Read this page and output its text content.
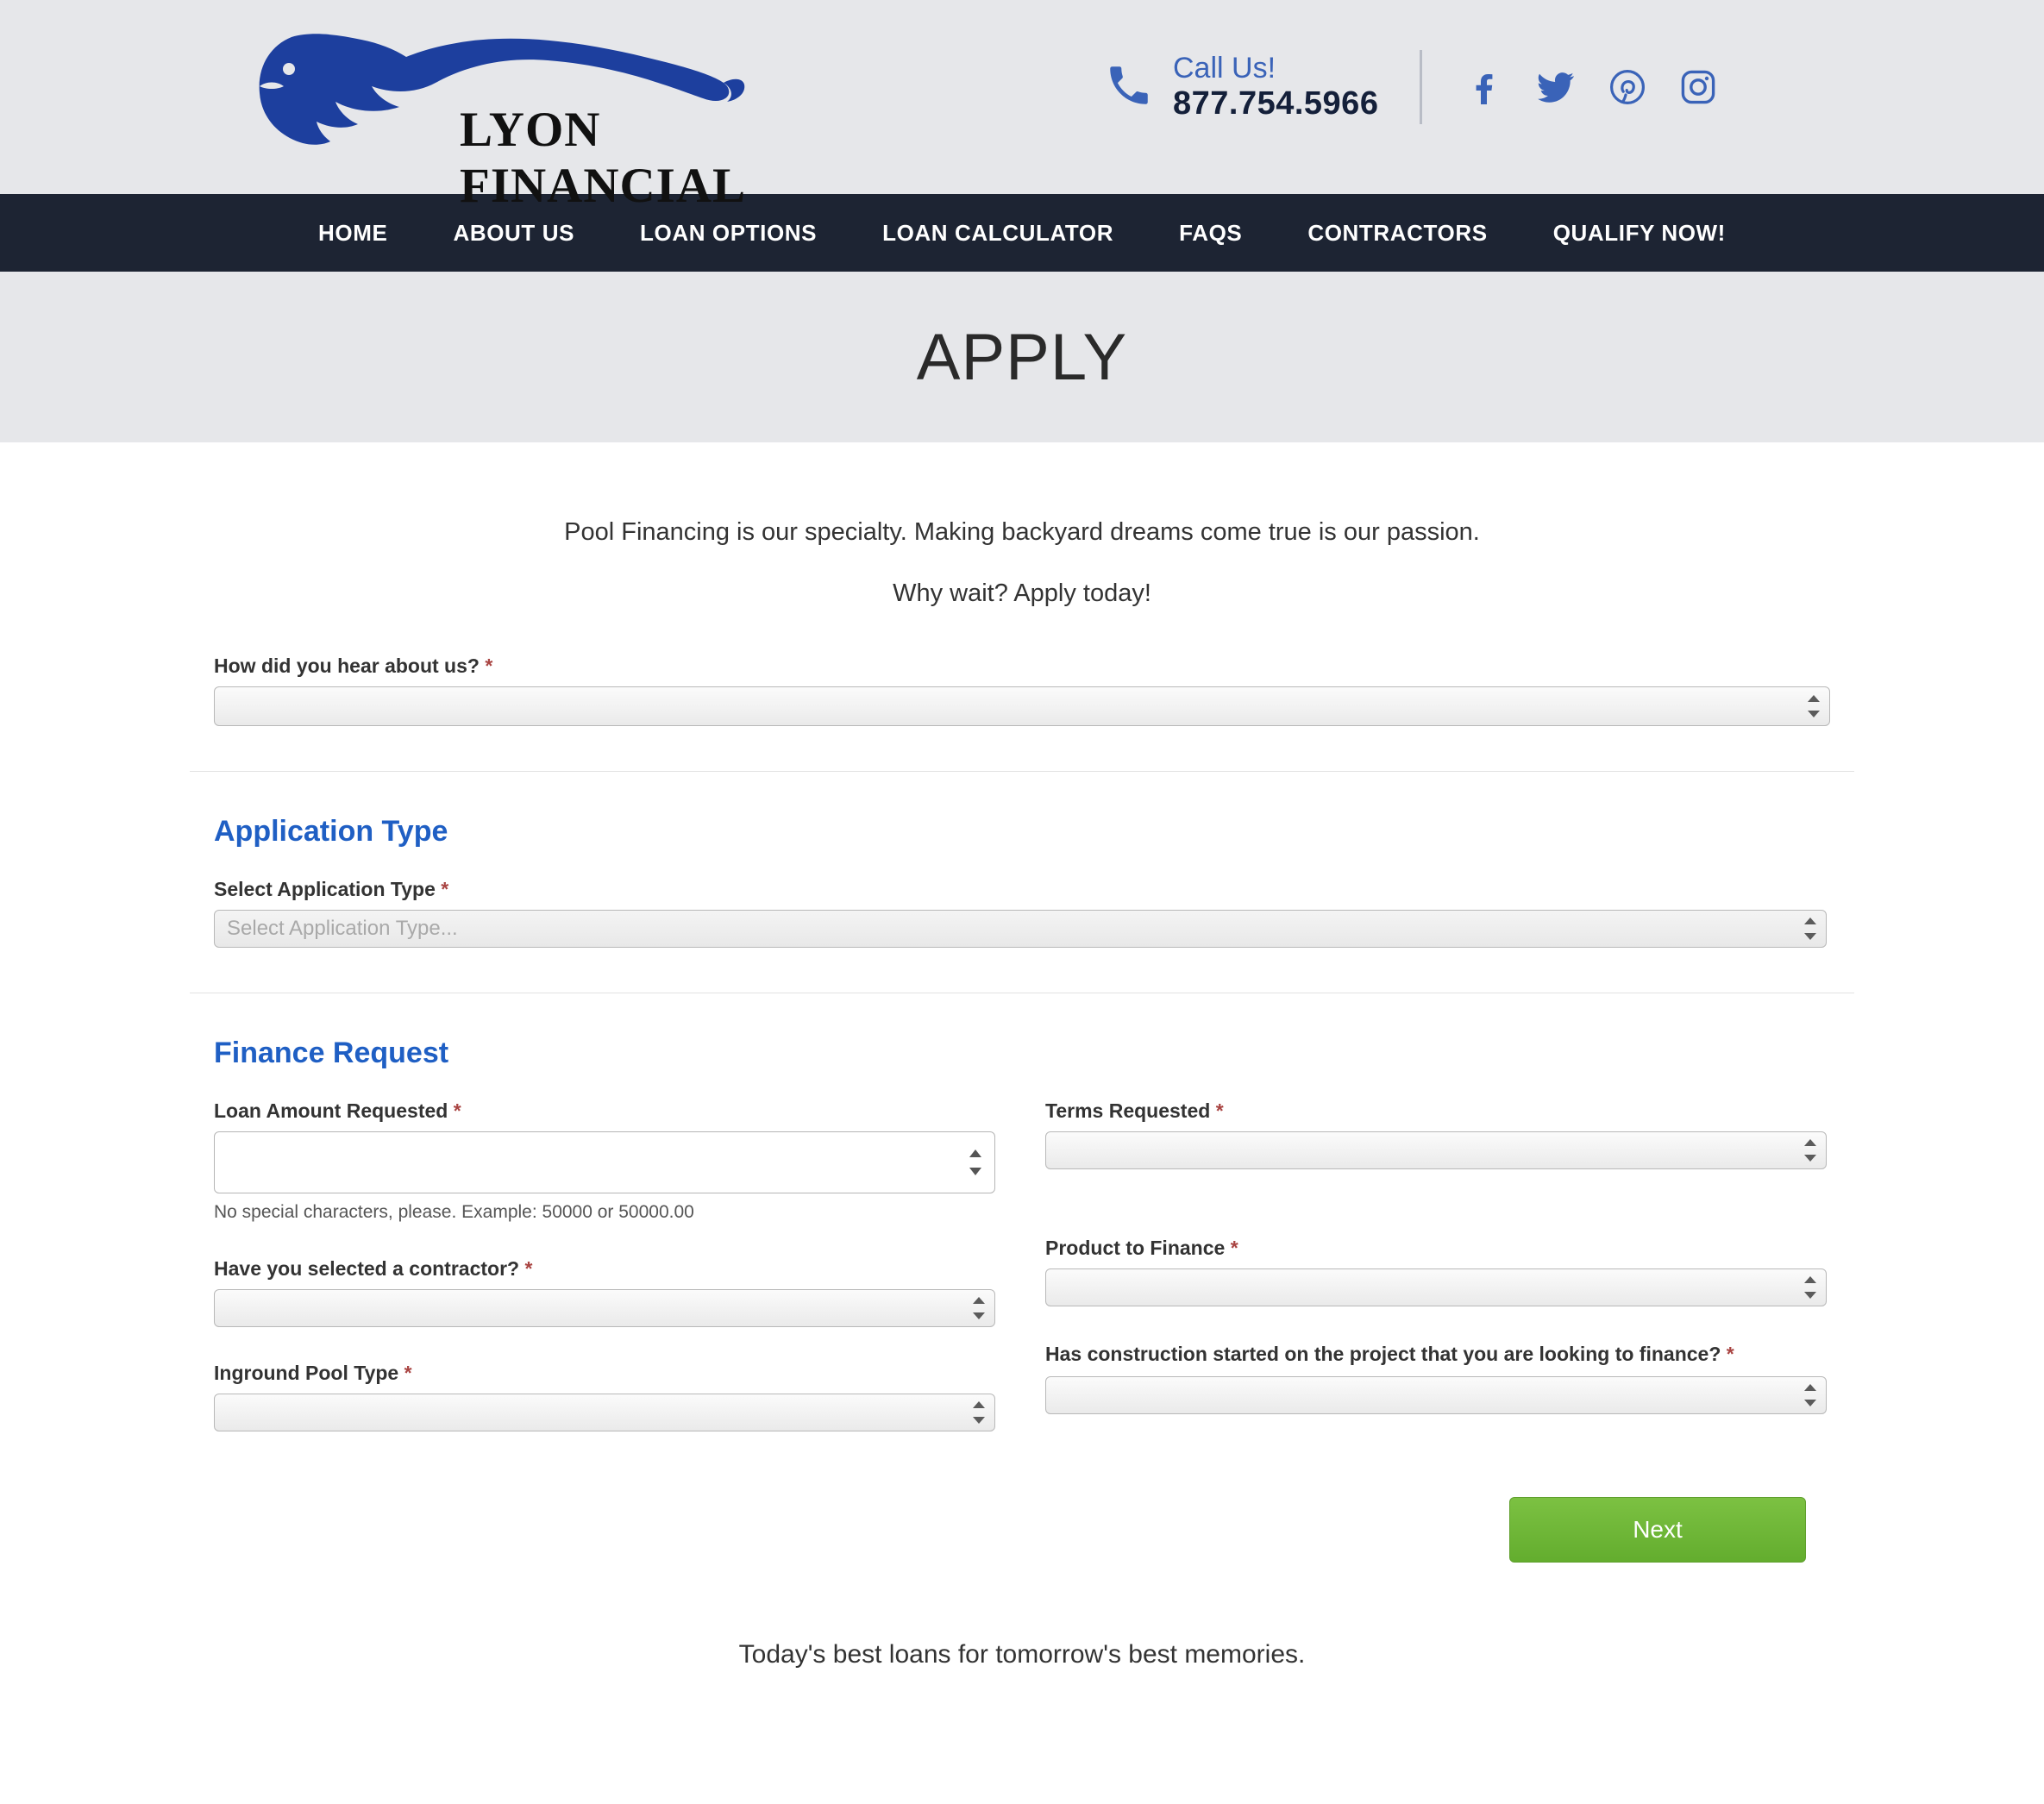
LYON FINANCIAL
Call Us!
877.754.5966
HOME	ABOUT US	LOAN OPTIONS	LOAN CALCULATOR	FAQS	CONTRACTORS	QUALIFY NOW!
APPLY
Pool Financing is our specialty. Making backyard dreams come true is our passion.
Why wait? Apply today!
How did you hear about us? *
Application Type
Select Application Type *
Select Application Type...
Finance Request
Loan Amount Requested *
No special characters, please. Example: 50000 or 50000.00
Have you selected a contractor? *
Inground Pool Type *
Terms Requested *
Product to Finance *
Has construction started on the project that you are looking to finance? *
Next
Today's best loans for tomorrow's best memories.
